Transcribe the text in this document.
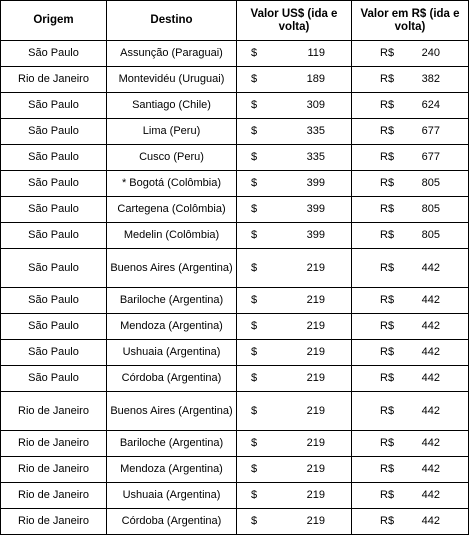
Origem	Destino	Valor US$ (ida e volta)	Valor em R$ (ida e volta)
São Paulo	Assunção (Paraguai)	$ 119	R$ 240

Rio de Janeiro	Montevidéu (Uruguai)	$ 189	R$ 382

São Paulo	Santiago (Chile)	$ 309	R$ 624

São Paulo	Lima (Peru)	$ 335	R$ 677

São Paulo	Cusco (Peru)	$ 335	R$ 677

São Paulo	* Bogotá (Colômbia)	$ 399	R$ 805

São Paulo	Cartegena (Colômbia)	$ 399	R$ 805

São Paulo	Medelin (Colômbia)	$ 399	R$ 805

São Paulo	Buenos Aires (Argentina)	$ 219	R$ 442

São Paulo	Bariloche (Argentina)	$ 219	R$ 442

São Paulo	Mendoza (Argentina)	$ 219	R$ 442

São Paulo	Ushuaia (Argentina)	$ 219	R$ 442

São Paulo	Córdoba (Argentina)	$ 219	R$ 442

Rio de Janeiro	Buenos Aires (Argentina)	$ 219	R$ 442

Rio de Janeiro	Bariloche (Argentina)	$ 219	R$ 442

Rio de Janeiro	Mendoza (Argentina)	$ 219	R$ 442

Rio de Janeiro	Ushuaia (Argentina)	$ 219	R$ 442

Rio de Janeiro	Córdoba (Argentina)	$ 219	R$ 442
